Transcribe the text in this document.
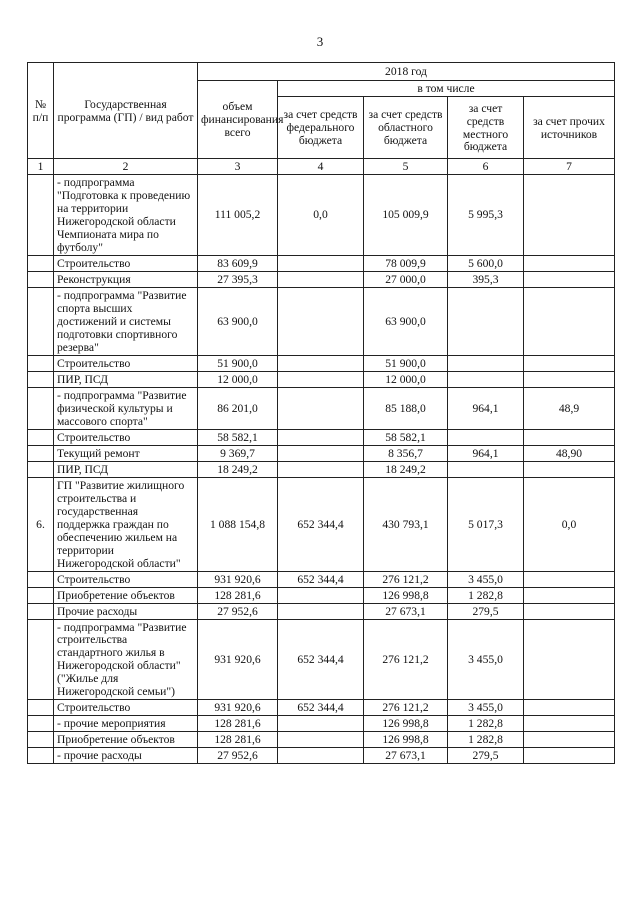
3
№ п/п	Государственная программа (ГП) / вид работ	2018 год				
		объем финансирования всего	в том числе			
			за счет средств федерального бюджета	за счет средств областного бюджета	за счет средств местного бюджета	за счет прочих источников
1	2	3	4	5	6	7
	- подпрограмма "Подготовка к проведению на территории Нижегородской области Чемпионата мира по футболу"	111 005,2	0,0	105 009,9	5 995,3	
	Строительство	83 609,9		78 009,9	5 600,0	
	Реконструкция	27 395,3		27 000,0	395,3	
	- подпрограмма "Развитие спорта высших достижений и системы подготовки спортивного резерва"	63 900,0		63 900,0		
	Строительство	51 900,0		51 900,0		
	ПИР, ПСД	12 000,0		12 000,0		
	- подпрограмма "Развитие физической культуры и массового спорта"	86 201,0		85 188,0	964,1	48,9
	Строительство	58 582,1		58 582,1		
	Текущий ремонт	9 369,7		8 356,7	964,1	48,90
	ПИР, ПСД	18 249,2		18 249,2		
6.	ГП "Развитие жилищного строительства и государственная поддержка граждан по обеспечению жильем на территории Нижегородской области"	1 088 154,8	652 344,4	430 793,1	5 017,3	0,0
	Строительство	931 920,6	652 344,4	276 121,2	3 455,0	
	Приобретение объектов	128 281,6		126 998,8	1 282,8	
	Прочие расходы	27 952,6		27 673,1	279,5	
	- подпрограмма "Развитие строительства стандартного жилья в Нижегородской области" ("Жилье для Нижегородской семьи")	931 920,6	652 344,4	276 121,2	3 455,0	
	Строительство	931 920,6	652 344,4	276 121,2	3 455,0	
	- прочие мероприятия	128 281,6		126 998,8	1 282,8	
	Приобретение объектов	128 281,6		126 998,8	1 282,8	
	- прочие расходы	27 952,6		27 673,1	279,5	
